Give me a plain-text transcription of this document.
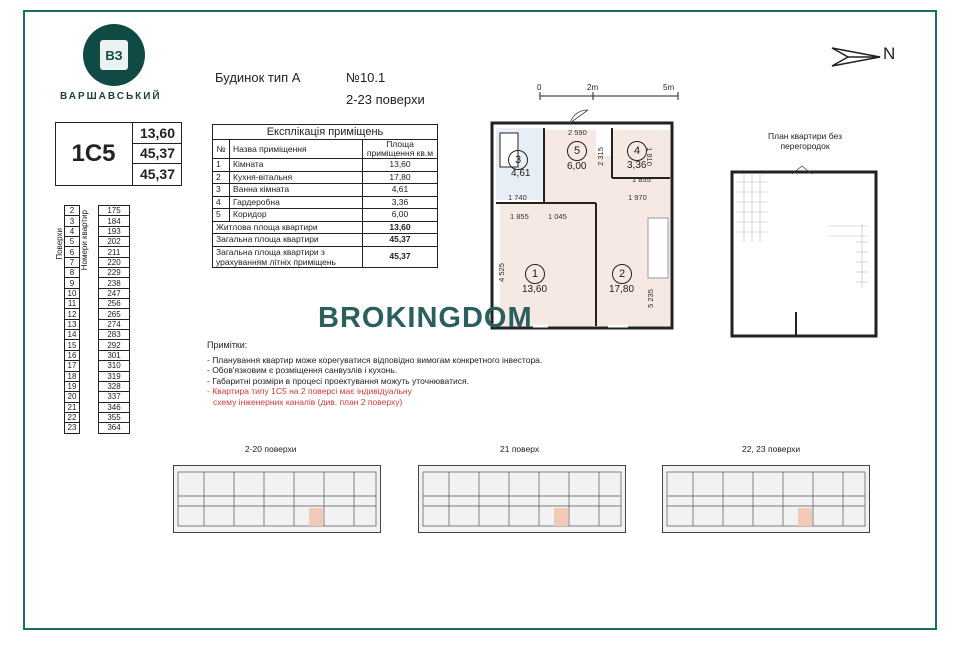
ВЗ
ВАРШАВСЬКИЙ
Будинок тип А	№10.1
2-23 поверхи
N
0	2m	5m
1С5
13,60
45,37
45,37
Поверхи	2	Номери квартир	175
	3		184
	4		193
	5		202
	6		211
	7		220
	8		229
	9		238
	10		247
	11		256
	12		265
	13		274
	14		283
	15		292
	16		301
	17		310
	18		319
	19		328
	20		337
	21		346
	22		355
	23		364
Експлікація приміщень		
№	Назва приміщення	Площа приміщення кв.м
1	Кімната	13,60
2	Кухня-вітальня	17,80
3	Ванна кімната	4,61
4	Гардеробна	3,36
5	Коридор	6,00
Житлова площа квартири		13,60
Загальна площа квартири		45,37
Загальна площа квартири з урахуванням літніх приміщень		45,37
3
4,61
5
6,00
4
3,36
1
13,60
2
17,80
2 590
1 810
1 855
1 970
1 740
1 855	1 045
4 525
5 235
2 315
План квартири без перегородок
BROKINGDOM
Примітки:
- Планування квартир може корегуватися відповідно вимогам конкретного інвестора.
- Обов'язковим є розміщення санвузлів і кухонь.
- Габаритні розміри в процесі проектування можуть уточнюватися.
- Квартира типу 1С5 на 2 поверсі має індивідуальну
схему інженерних каналів (див. план 2 поверху)
2-20 поверхи	21 поверх	22, 23 поверхи
